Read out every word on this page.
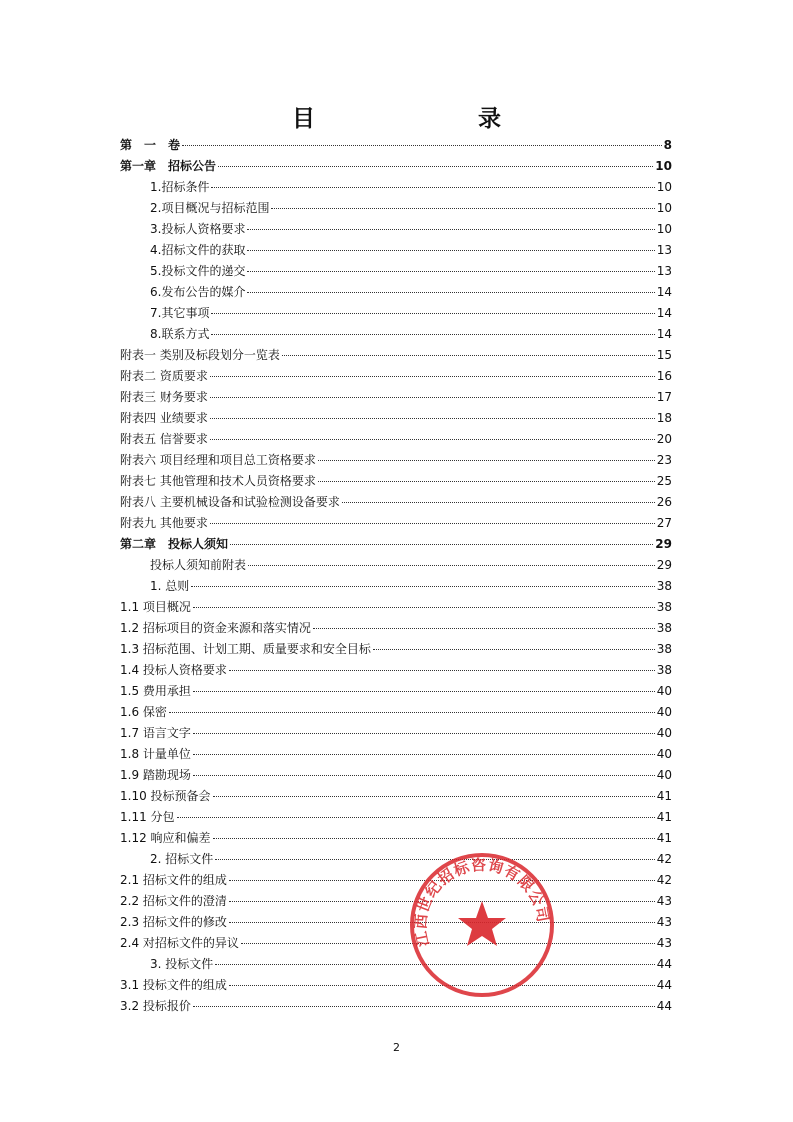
目　录
第　一　卷	8
第一章　招标公告	10
1.招标条件	10
2.项目概况与招标范围	10
3.投标人资格要求	10
4.招标文件的获取	13
5.投标文件的递交	13
6.发布公告的媒介	14
7.其它事项	14
8.联系方式	14
附表一 类别及标段划分一览表	15
附表二 资质要求	16
附表三 财务要求	17
附表四 业绩要求	18
附表五 信誉要求	20
附表六 项目经理和项目总工资格要求	23
附表七 其他管理和技术人员资格要求	25
附表八 主要机械设备和试验检测设备要求	26
附表九 其他要求	27
第二章　投标人须知	29
投标人须知前附表	29
1. 总则	38
1.1 项目概况	38
1.2 招标项目的资金来源和落实情况	38
1.3 招标范围、计划工期、质量要求和安全目标	38
1.4 投标人资格要求	38
1.5 费用承担	40
1.6 保密	40
1.7 语言文字	40
1.8 计量单位	40
1.9 踏勘现场	40
1.10 投标预备会	41
1.11 分包	41
1.12 响应和偏差	41
2. 招标文件	42
2.1 招标文件的组成	42
2.2 招标文件的澄清	43
2.3 招标文件的修改	43
2.4 对招标文件的异议	43
3. 投标文件	44
3.1 投标文件的组成	44
3.2 投标报价	44
江西世纪招标咨询有限公司
2
